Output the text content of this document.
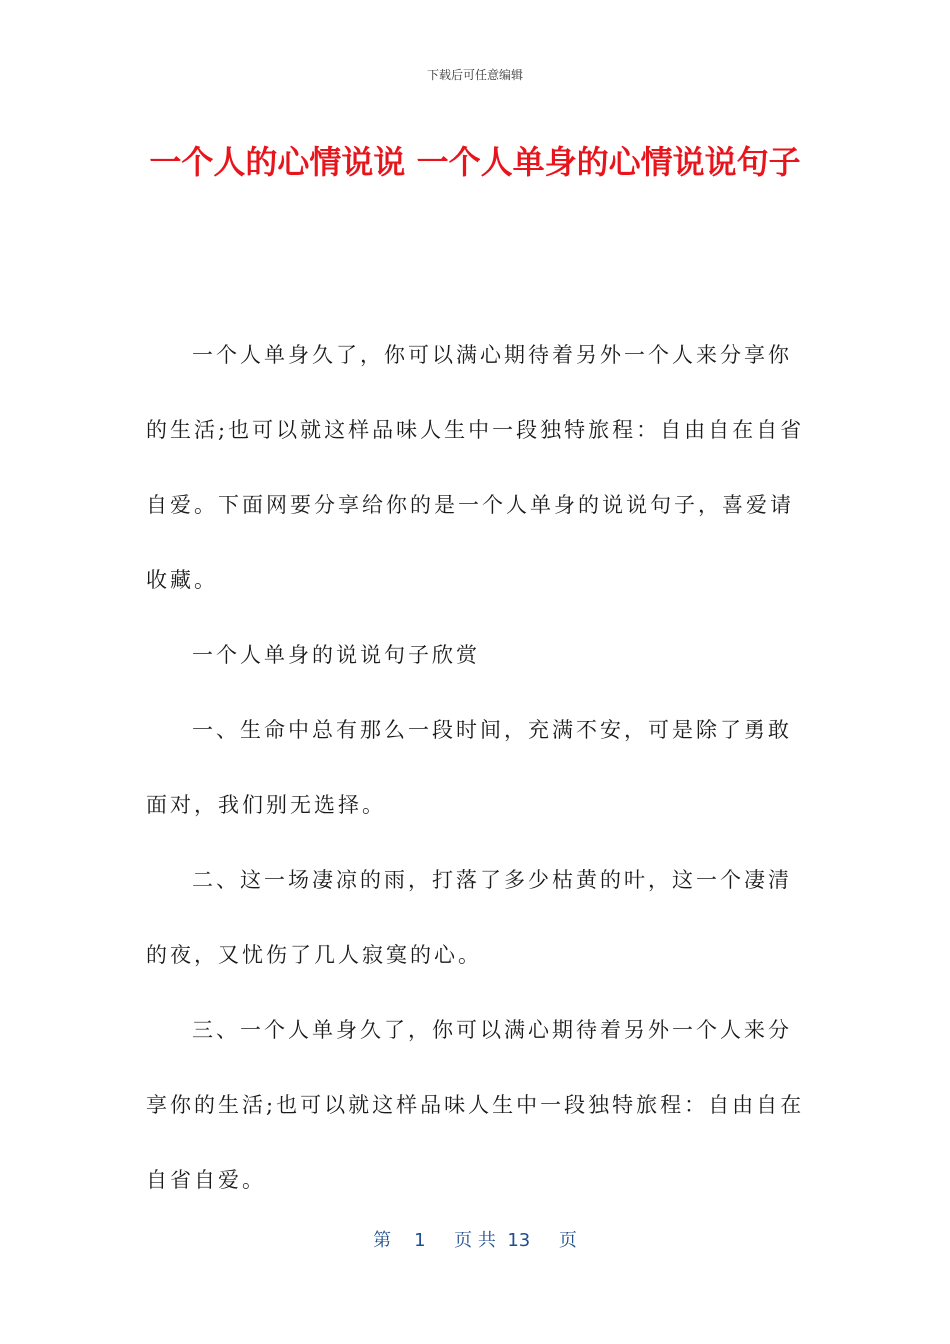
下载后可任意编辑
一个人的心情说说 一个人单身的心情说说句子

一个人单身久了，你可以满心期待着另外一个人来分享你的生活;也可以就这样品味人生中一段独特旅程：自由自在自省自爱。下面网要分享给你的是一个人单身的说说句子，喜爱请收藏。

一个人单身的说说句子欣赏

一、生命中总有那么一段时间，充满不安，可是除了勇敢面对，我们别无选择。

二、这一场凄凉的雨，打落了多少枯黄的叶，这一个凄清的夜，又忧伤了几人寂寞的心。

三、一个人单身久了，你可以满心期待着另外一个人来分享你的生活;也可以就这样品味人生中一段独特旅程：自由自在自省自爱。

第 1 页 共 13 页
